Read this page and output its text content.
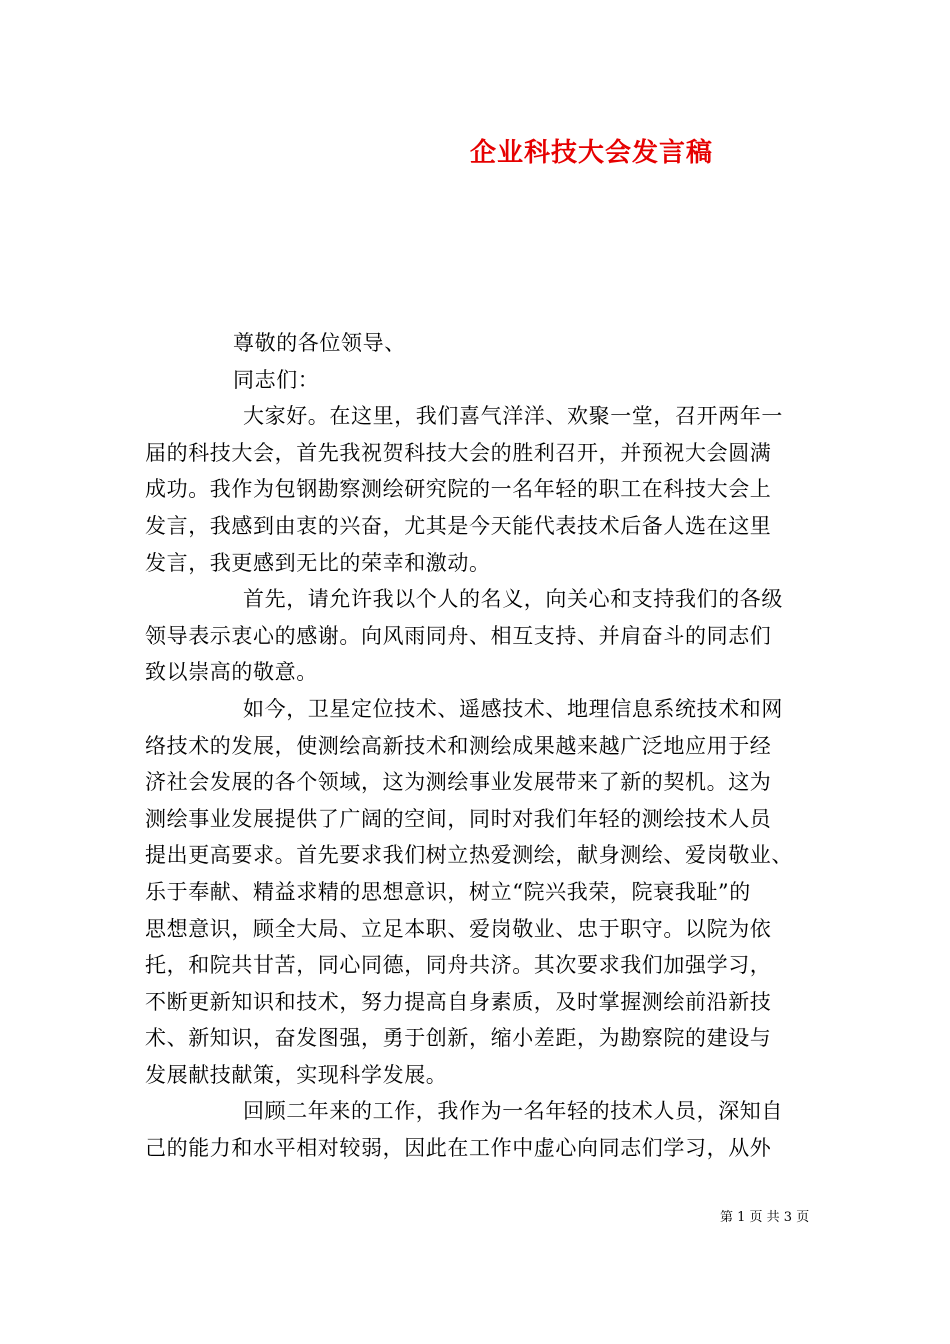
企业科技大会发言稿
尊敬的各位领导、
同志们：
大家好。在这里，我们喜气洋洋、欢聚一堂，召开两年一
届的科技大会，首先我祝贺科技大会的胜利召开，并预祝大会圆满
成功。我作为包钢勘察测绘研究院的一名年轻的职工在科技大会上
发言，我感到由衷的兴奋，尤其是今天能代表技术后备人选在这里
发言，我更感到无比的荣幸和激动。
首先，请允许我以个人的名义，向关心和支持我们的各级
领导表示衷心的感谢。向风雨同舟、相互支持、并肩奋斗的同志们
致以崇高的敬意。
如今，卫星定位技术、遥感技术、地理信息系统技术和网
络技术的发展，使测绘高新技术和测绘成果越来越广泛地应用于经
济社会发展的各个领域，这为测绘事业发展带来了新的契机。这为
测绘事业发展提供了广阔的空间，同时对我们年轻的测绘技术人员
提出更高要求。首先要求我们树立热爱测绘，献身测绘、爱岗敬业、
乐于奉献、精益求精的思想意识，树立“院兴我荣，院衰我耻”的
思想意识，顾全大局、立足本职、爱岗敬业、忠于职守。以院为依
托，和院共甘苦，同心同德，同舟共济。其次要求我们加强学习，
不断更新知识和技术，努力提高自身素质，及时掌握测绘前沿新技
术、新知识，奋发图强，勇于创新，缩小差距，为勘察院的建设与
发展献技献策，实现科学发展。
回顾二年来的工作，我作为一名年轻的技术人员，深知自
己的能力和水平相对较弱，因此在工作中虚心向同志们学习，从外
第 1 页 共 3 页
